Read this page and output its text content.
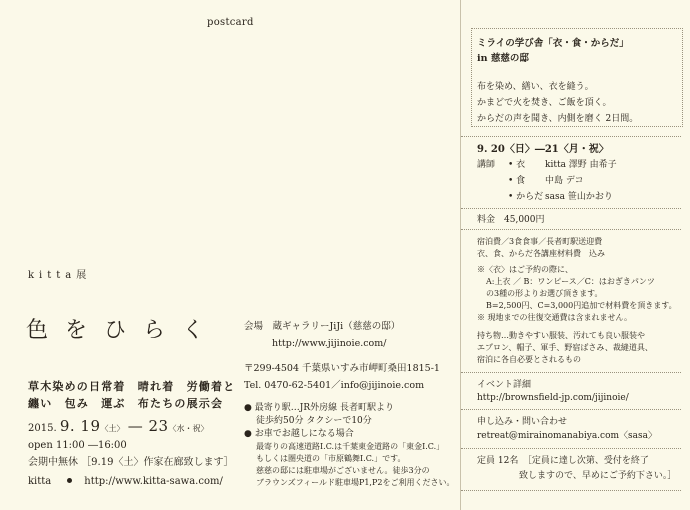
postcard
kitta展
色をひらく
草木染めの日常着　晴れ着　労働着と
纏い　包み　運ぶ　布たちの展示会
2015. 9. 19〈土〉 — 23〈水・祝〉
open 11:00 ―16:00
会期中無休 ［9.19〈土〉作家在廊致します］
kitta	http://www.kitta-sawa.com/
会場　蔵ギャラリーJiJi（慈慈の邸）
http://www.jijinoie.com/
〒299-4504 千葉県いすみ市岬町桑田1815-1
Tel. 0470-62-5401／info@jijinoie.com
● 最寄り駅…JR外房線 長者町駅より
徒歩約50分 タクシーで10分
● お車でお越しになる場合
最寄りの高速道路I.C.は千葉東金道路の「東金I.C.」
もしくは圏央道の「市原鶴舞I.C.」です。
慈慈の邸には駐車場がございません。徒歩3分の
ブラウンズフィールド駐車場P1,P2をご利用ください。
ミライの学び舎「衣・食・からだ」
in 慈慈の邸
布を染め、繕い、衣を縫う。
かまどで火を焚き、ご飯を頂く。
からだの声を聞き、内側を磨く 2日間。
9. 20〈日〉―21〈月・祝〉
講師 • 衣 kitta 澤野 由希子
• 食 中島 デコ
• からだ sasa 笹山かおり
料金　45,000円
宿泊費／3食食事／長者町駅送迎費
衣、食、からだ各講座材料費　込み
※〈衣〉はご予約の際に、
A:上衣 ／ B：ワンピース／C：はおぎきパンツ
の3種の形よりお選び頂きます。
B=2,500円、C=3,000円追加で材料費を頂きます。
※ 現地までの往復交通費は含まれません。
持ち物…動きやすい服装、汚れても良い服装や
エプロン、帽子、軍手、野宿ばさみ、裁縫道具、
宿泊に各自必要とされるもの
イベント詳細
http://brownsfield-jp.com/jijinoie/
申し込み・問い合わせ
retreat@mirainomanabiya.com〈sasa〉
定員 12名　［定員に達し次第、受付を終了
　致しますので、早めにご予約下さい。］
